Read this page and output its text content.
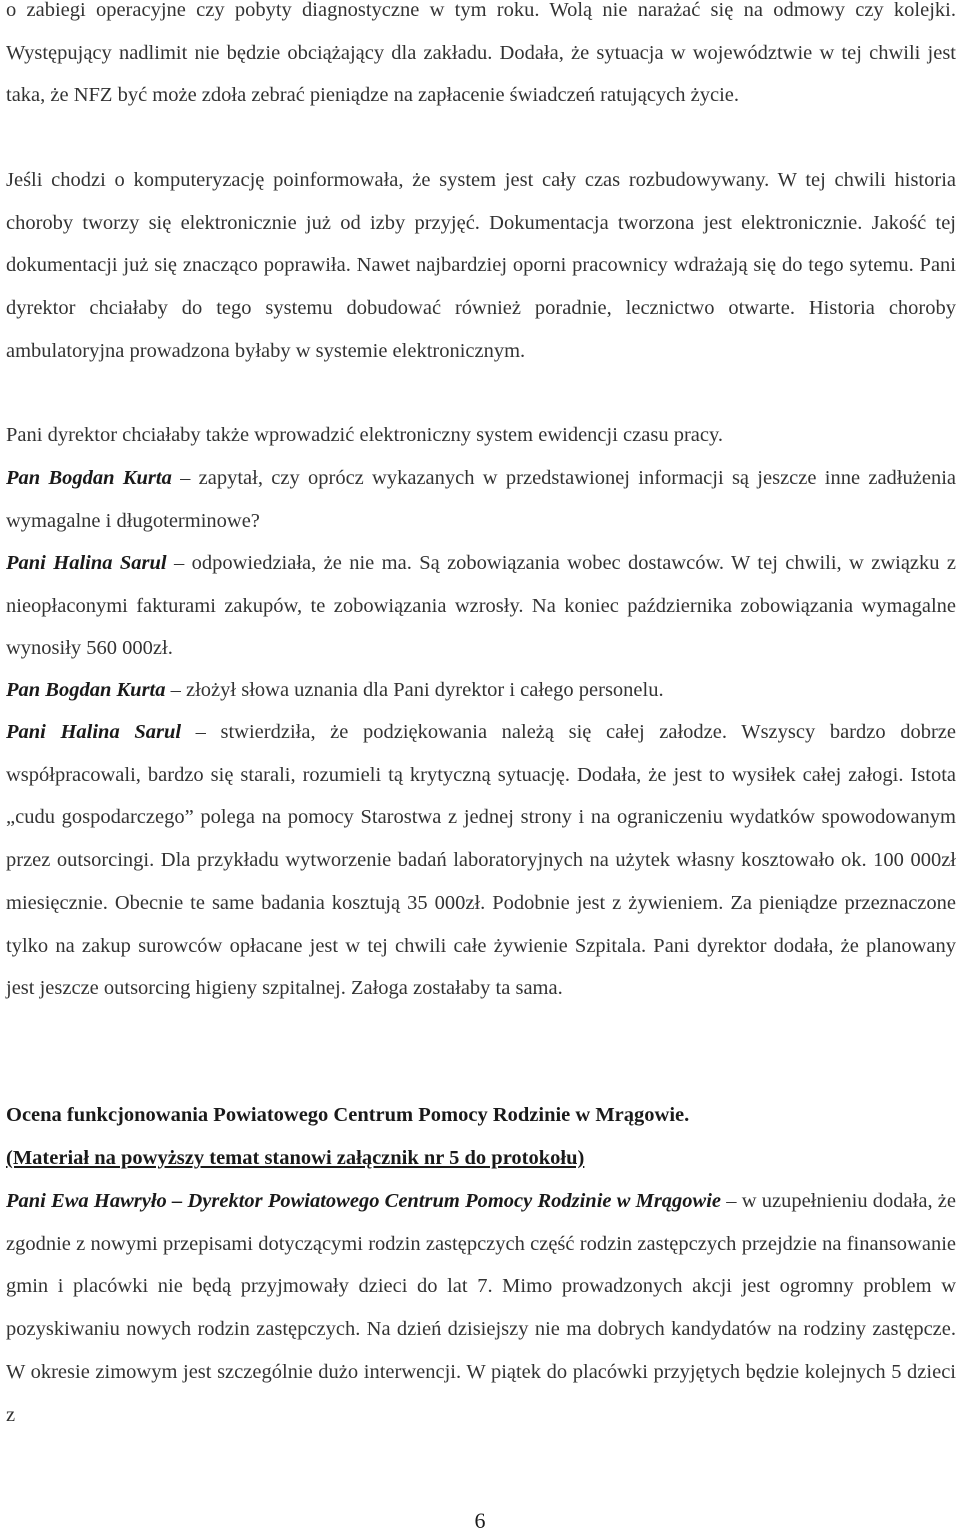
o zabiegi operacyjne czy pobyty diagnostyczne w tym roku. Wolą nie narażać się na odmowy czy kolejki. Występujący nadlimit nie będzie obciążający dla zakładu. Dodała, że sytuacja w województwie w tej chwili jest taka, że NFZ być może zdoła zebrać pieniądze na zapłacenie świadczeń ratujących życie.

Jeśli chodzi o komputeryzację poinformowała, że system jest cały czas rozbudowywany. W tej chwili historia choroby tworzy się elektronicznie już od izby przyjęć. Dokumentacja tworzona jest elektronicznie. Jakość tej dokumentacji już się znacząco poprawiła. Nawet najbardziej oporni pracownicy wdrażają się do tego sytemu. Pani dyrektor chciałaby do tego systemu dobudować również poradnie, lecznictwo otwarte. Historia choroby ambulatoryjna prowadzona byłaby w systemie elektronicznym.

Pani dyrektor chciałaby także wprowadzić elektroniczny system ewidencji czasu pracy.

Pan Bogdan Kurta – zapytał, czy oprócz wykazanych w przedstawionej informacji są jeszcze inne zadłużenia wymagalne i długoterminowe?

Pani Halina Sarul – odpowiedziała, że nie ma. Są zobowiązania wobec dostawców. W tej chwili, w związku z nieopłaconymi fakturami zakupów, te zobowiązania wzrosły. Na koniec października zobowiązania wymagalne wynosiły 560 000zł.

Pan Bogdan Kurta – złożył słowa uznania dla Pani dyrektor i całego personelu.

Pani Halina Sarul – stwierdziła, że podziękowania należą się całej załodze. Wszyscy bardzo dobrze współpracowali, bardzo się starali, rozumieli tą krytyczną sytuację. Dodała, że jest to wysiłek całej załogi. Istota „cudu gospodarczego” polega na pomocy Starostwa z jednej strony i na ograniczeniu wydatków spowodowanym przez outsorcingi. Dla przykładu wytworzenie badań laboratoryjnych na użytek własny kosztowało ok. 100 000zł miesięcznie. Obecnie te same badania kosztują 35 000zł. Podobnie jest z żywieniem. Za pieniądze przeznaczone tylko na zakup surowców opłacane jest w tej chwili całe żywienie Szpitala. Pani dyrektor dodała, że planowany jest jeszcze outsorcing higieny szpitalnej. Załoga zostałaby ta sama.

Ocena funkcjonowania Powiatowego Centrum Pomocy Rodzinie w Mrągowie.

(Materiał na powyższy temat stanowi załącznik nr 5 do protokołu)

Pani Ewa Hawryło – Dyrektor Powiatowego Centrum Pomocy Rodzinie w Mrągowie – w uzupełnieniu dodała, że zgodnie z nowymi przepisami dotyczącymi rodzin zastępczych część rodzin zastępczych przejdzie na finansowanie gmin i placówki nie będą przyjmowały dzieci do lat 7. Mimo prowadzonych akcji jest ogromny problem w pozyskiwaniu nowych rodzin zastępczych. Na dzień dzisiejszy nie ma dobrych kandydatów na rodziny zastępcze. W okresie zimowym jest szczególnie dużo interwencji. W piątek do placówki przyjętych będzie kolejnych 5 dzieci z

6
